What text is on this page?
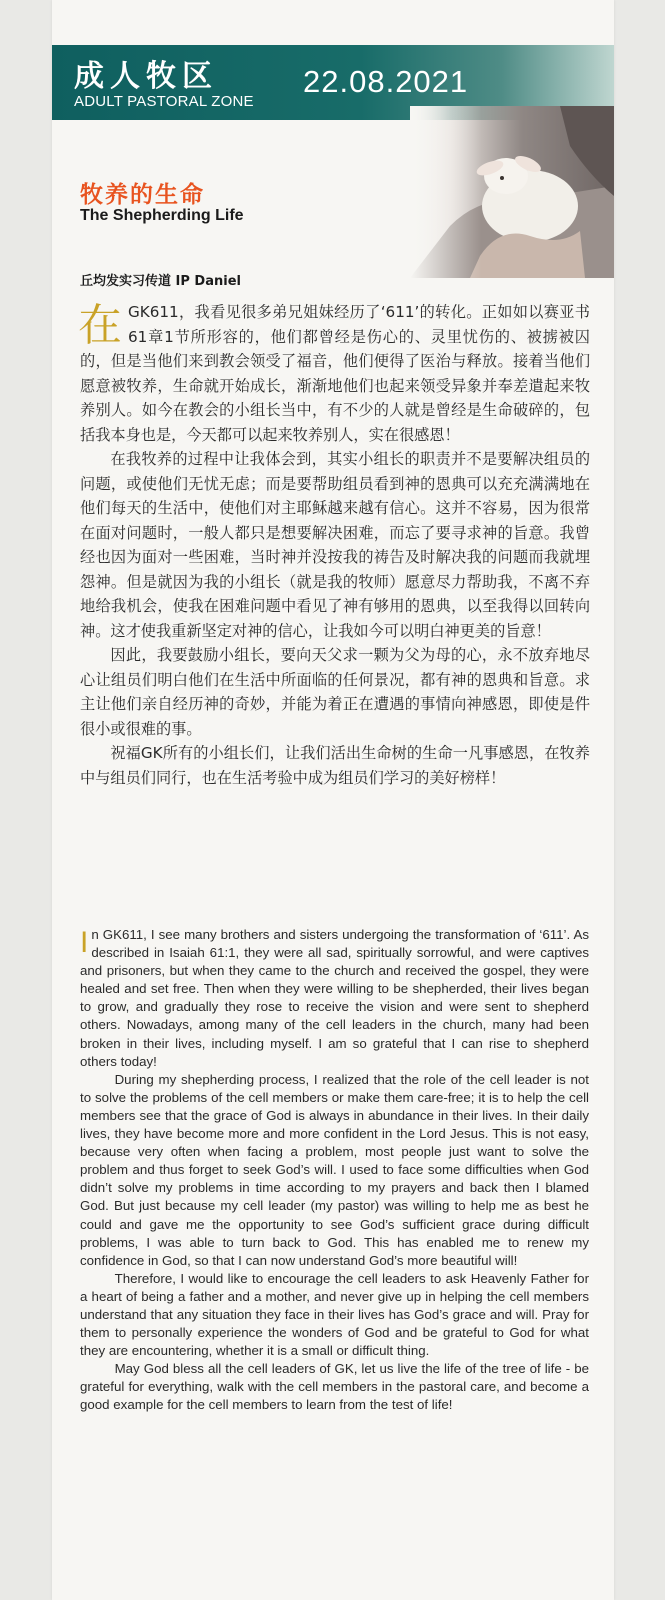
成人牧区
ADULT PASTORAL ZONE
22.08.2021
牧养的生命
The Shepherding Life
丘均发实习传道 IP Daniel

在GK611，我看见很多弟兄姐妹经历了‘611’的转化。正如如以赛亚书61章1节所形容的，他们都曾经是伤心的、灵里忧伤的、被掳被囚的，但是当他们来到教会领受了福音，他们便得了医治与释放。接着当他们愿意被牧养，生命就开始成长，渐渐地他们也起来领受异象并奉差遣起来牧养别人。如今在教会的小组长当中，有不少的人就是曾经是生命破碎的，包括我本身也是，今天都可以起来牧养别人，实在很感恩！

在我牧养的过程中让我体会到，其实小组长的职责并不是要解决组员的问题，或使他们无忧无虑；而是要帮助组员看到神的恩典可以充充满满地在他们每天的生活中，使他们对主耶稣越来越有信心。这并不容易，因为很常在面对问题时，一般人都只是想要解决困难，而忘了要寻求神的旨意。我曾经也因为面对一些困难，当时神并没按我的祷告及时解决我的问题而我就埋怨神。但是就因为我的小组长（就是我的牧师）愿意尽力帮助我，不离不弃地给我机会，使我在困难问题中看见了神有够用的恩典，以至我得以回转向神。这才使我重新坚定对神的信心，让我如今可以明白神更美的旨意！

因此，我要鼓励小组长，要向天父求一颗为父为母的心，永不放弃地尽心让组员们明白他们在生活中所面临的任何景况，都有神的恩典和旨意。求主让他们亲自经历神的奇妙，并能为着正在遭遇的事情向神感恩，即使是件很小或很难的事。

祝福GK所有的小组长们，让我们活出生命树的生命一凡事感恩，在牧养中与组员们同行，也在生活考验中成为组员们学习的美好榜样！

In GK611, I see many brothers and sisters undergoing the transformation of ‘611’. As described in Isaiah 61:1, they were all sad, spiritually sorrowful, and were captives and prisoners, but when they came to the church and received the gospel, they were healed and set free. Then when they were willing to be shepherded, their lives began to grow, and gradually they rose to receive the vision and were sent to shepherd others. Nowadays, among many of the cell leaders in the church, many had been broken in their lives, including myself. I am so grateful that I can rise to shepherd others today!

During my shepherding process, I realized that the role of the cell leader is not to solve the problems of the cell members or make them care-free; it is to help the cell members see that the grace of God is always in abundance in their lives. In their daily lives, they have become more and more confident in the Lord Jesus. This is not easy, because very often when facing a problem, most people just want to solve the problem and thus forget to seek God’s will. I used to face some difficulties when God didn’t solve my problems in time according to my prayers and back then I blamed God. But just because my cell leader (my pastor) was willing to help me as best he could and gave me the opportunity to see God’s sufficient grace during difficult problems, I was able to turn back to God. This has enabled me to renew my confidence in God, so that I can now understand God’s more beautiful will!

Therefore, I would like to encourage the cell leaders to ask Heavenly Father for a heart of being a father and a mother, and never give up in helping the cell members understand that any situation they face in their lives has God’s grace and will. Pray for them to personally experience the wonders of God and be grateful to God for what they are encountering, whether it is a small or difficult thing.

May God bless all the cell leaders of GK, let us live the life of the tree of life - be grateful for everything, walk with the cell members in the pastoral care, and become a good example for the cell members to learn from the test of life!
